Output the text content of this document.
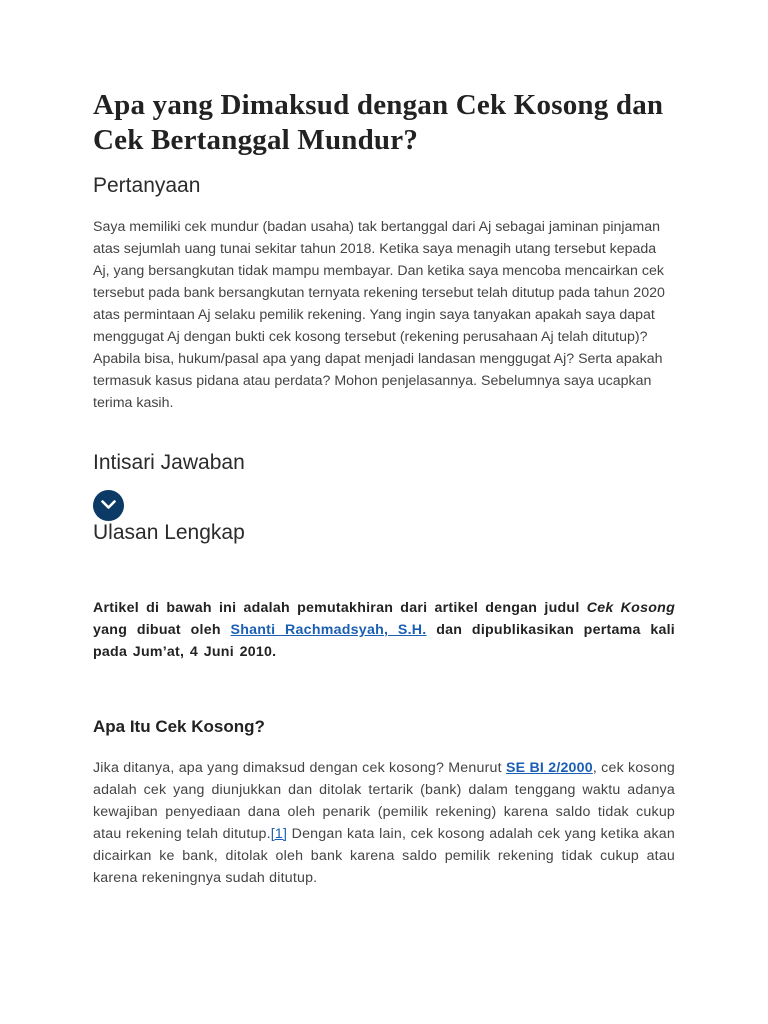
Apa yang Dimaksud dengan Cek Kosong dan Cek Bertanggal Mundur?
Pertanyaan

Saya memiliki cek mundur (badan usaha) tak bertanggal dari Aj sebagai jaminan pinjaman atas sejumlah uang tunai sekitar tahun 2018. Ketika saya menagih utang tersebut kepada Aj, yang bersangkutan tidak mampu membayar. Dan ketika saya mencoba mencairkan cek tersebut pada bank bersangkutan ternyata rekening tersebut telah ditutup pada tahun 2020 atas permintaan Aj selaku pemilik rekening. Yang ingin saya tanyakan apakah saya dapat menggugat Aj dengan bukti cek kosong tersebut (rekening perusahaan Aj telah ditutup)? Apabila bisa, hukum/pasal apa yang dapat menjadi landasan menggugat Aj? Serta apakah termasuk kasus pidana atau perdata? Mohon penjelasannya. Sebelumnya saya ucapkan terima kasih.

Intisari Jawaban
Ulasan Lengkap

Artikel di bawah ini adalah pemutakhiran dari artikel dengan judul Cek Kosong yang dibuat oleh Shanti Rachmadsyah, S.H. dan dipublikasikan pertama kali pada Jum’at, 4 Juni 2010.

Apa Itu Cek Kosong?

Jika ditanya, apa yang dimaksud dengan cek kosong? Menurut SE BI 2/2000, cek kosong adalah cek yang diunjukkan dan ditolak tertarik (bank) dalam tenggang waktu adanya kewajiban penyediaan dana oleh penarik (pemilik rekening) karena saldo tidak cukup atau rekening telah ditutup.[1] Dengan kata lain, cek kosong adalah cek yang ketika akan dicairkan ke bank, ditolak oleh bank karena saldo pemilik rekening tidak cukup atau karena rekeningnya sudah ditutup.
